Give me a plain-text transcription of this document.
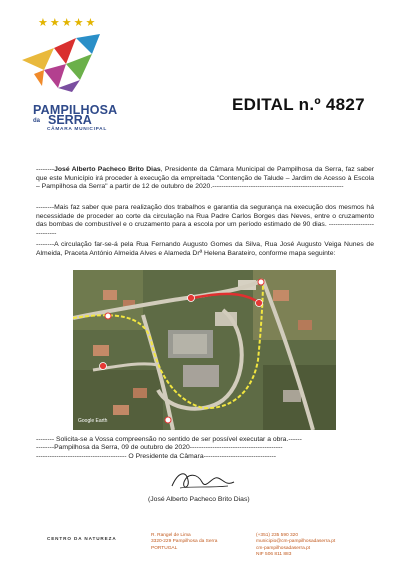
★ ★ ★ ★ ★
PAMPILHOSA
da SERRA
CÂMARA MUNICIPAL
EDITAL n.º 4827
--------José Alberto Pacheco Brito Dias, Presidente da Câmara Municipal de Pampilhosa da Serra, faz saber que este Município irá proceder à execução da empreitada "Contenção de Talude – Jardim de Acesso à Escola – Pampilhosa da Serra" a partir de 12 de outubro de 2020.----------------------------------------------------------
--------Mais faz saber que para realização dos trabalhos e garantia da segurança na execução dos mesmos há necessidade de proceder ao corte da circulação na Rua Padre Carlos Borges das Neves, entre o cruzamento das bombas de combustível e o cruzamento para a escola por um período estimado de 90 dias. -----------------------------
--------A circulação far-se-á pela Rua Fernando Augusto Gomes da Silva, Rua José Augusto Veiga Nunes de Almeida, Praceta António Almeida Alves e Alameda Drª Helena Barateiro, conforme mapa seguinte:
Google Earth
-------- Solicita-se a Vossa compreensão no sentido de ser possível executar a obra.------
--------Pampilhosa da Serra, 09 de outubro de 2020-----------------------------------------
---------------------------------------- O Presidente da Câmara--------------------------------
(José Alberto Pacheco Brito Dias)
CENTRO DA NATUREZA
R. Rangel de Lima
3320-229 Pampilhosa da Serra
PORTUGAL
(+351) 235 590 320
municipio@cm-pampilhosadaserra.pt
cm-pampilhosadaserra.pt
NIF 506 811 883
